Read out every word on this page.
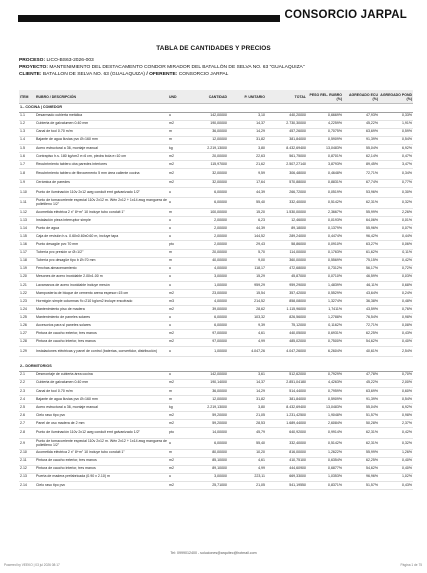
CONSORCIO JARPAL
TABLA DE CANTIDADES Y PRECIOS
PROCESO: LICO-BS63-2026-003
PROYECTO: MANTENIMIENTO DEL DESTACAMENTO CONDOR MIRADOR DEL BATALLÓN DE SELVA NO. 63 "GUALAQUIZA"
CLIENTE: BATALLON DE SELVA NO. 63 (GUALAQUIZA) / OFERENTE: CONSORCIO JARPAL
ITEM	RUBRO / DESCRIPCIÓN	UND	CANTIDAD	P. UNITARIO	TOTAL	PESO REL. RUBRO (%)	AGREGADO ECU (%)	AGREGADO POND (%)
1.- COCINA | COMEDOR								
1.1	Desarmado cubierta metálica	u	142,00000	3,10	440,20000	0,6669%	47,93%	0,33%
1.2	Cubierta de galvalumen 0.40 mm	m2	190,00000	14,37	2.730,30000	4,2259%	45,22%	1,91%
1.3	Canal de tool 0.70 m/m	m	36,00000	14,29	457,26000	0,7075%	63,69%	0,59%
1.4	Bajante de agua lluvias pvc Ø=160 mm	m	12,00000	31,82	381,84000	0,5909%	91,39%	0,54%
1.5	Acero estructural a 36, montaje manual	kg	2.219,13000	3,80	8.432,69400	13,0483%	55,04%	6,92%
1.6	Contrapiso h.s. 180 kg/cm2 e=6 cm, piedra bola e=10 cm	m2	20,00000	22,63	561,75000	0,8701%	62,14%	0,47%
1.7	Recubrimiento tablero oba paredes interiores	m2	115,97000	21,62	2.507,27140	3,8793%	89,45%	3,47%
1.8	Recubrimiento tablero de fibrocemento 5 mm área caliente cocina	m2	32,00000	9,59	306,48000	0,4648%	72,71%	0,34%
1.9	Cerámica de paredes	m2	32,00000	17,64	570,88000	0,8831%	67,74%	0,77%
1.10	Punto de iluminación 110v 2x12 awg conduit emt galvanizado 1/2"	u	6,00000	44,39	266,72000	0,0519%	53,96%	0,30%
1.11	Punto de tomacorriente especial 110v 2x12 m. Wén 2x12 + 1x14 awg manguera de polietileno 1/2"	u	6,00000	55,40	332,40000	0,5142%	62,31%	0,32%
1.12	Acometida eléctrica 2 x" 8+m" 10 incluye tubo conduit 1"	m	100,00000	15,20	1.530,00000	2,3667%	55,99%	2,26%
1.13	Instalación pieza interruptor simple	u	2,00000	6,23	12,46000	0,0193%	64,06%	0,01%
1.14	Punto de agua	u	2,00000	44,39	89,18000	0,1379%	55,96%	0,07%
1.15	Caja de revisión h.s. 0.60x0.60x0.60 m, incluye tapa	u	2,00000	144,52	289,24000	0,4474%	96,42%	0,44%
1.16	Punto desagüe pvc 70 mm	pto	2,00000	29,43	58,86000	0,0910%	63,27%	0,06%
1.17	Tubería pvc presión ur Ø=1/2"	m	20,00000	5,70	114,00000	0,1763%	61,62%	0,11%
1.18	Tubería pvc desagüe tipo b Ø=70 mm	m	40,00000	9,00	360,00000	0,5569%	75,15%	0,42%
1.19	Fenchas almacenamiento	u	4,00000	118,17	472,68000	0,7312%	56,17%	0,72%
1.20	Mesones de acero inoxidable 2.00x1.00 m	u	3,00000	15,29	45,87000	0,0710%	46,59%	0,03%
1.21	Lavamanos de acero inoxidable incluye mesón	u	1,00000	959,29	959,29000	1,4839%	46,11%	0,68%
1.22	Mampostería de bloque de cemento arena espesor=15 cm	m2	23,00000	15,54	357,42000	0,5529%	43,64%	0,24%
1.23	Hormigón simple columnas f'c=210 kg/cm2 incluye encofrado	m3	4,00000	214,52	858,08000	1,3274%	36,38%	0,48%
1.24	Mantenimiento piso de madera	m2	39,00000	28,62	1.115,96000	1,7411%	43,59%	0,76%
1.25	Mantenimiento de paneles solares	u	6,00000	103,32	826,56000	1,2788%	76,54%	0,98%
1.26	Accesorios para sl paneles solares	u	6,00000	9,39	75,12000	0,1162%	72,71%	0,08%
1.27	Pintura de caucho exterior, tres manos	m2	97,00000	4,61	440,05000	0,6931%	62,25%	0,43%
1.28	Pintura de caucho interior, tres manos	m2	97,00000	4,99	485,02000	0,7500%	54,62%	0,40%
1.29	Instalaciones eléctricas y panel de control (baterías, convertidor, distribución)	u	1,00000	4.047,26	4.047,26000	6,2604%	40,61%	2,54%

2.- DORMITORIOS								
2.1	Desmontaje de cubierta área cocina	u	142,00000	3,61	512,62000	0,7929%	47,78%	0,70%
2.2	Cubierta de galvalumen 0.40 mm	m2	190,14000	14,37	2.851,04180	4,4263%	45,22%	2,00%
2.3	Canal de tool 0.70 m/m	m	36,00000	14,29	514,44000	0,7959%	63,69%	0,60%
2.4	Bajante de agua lluvias pvc Ø=160 mm	m	12,00000	31,82	381,84000	0,5909%	91,39%	0,54%
2.5	Acero estructural a 36, montaje manual	kg	2.219,13000	3,80	8.432,69400	13,0483%	55,04%	6,92%
2.6	Cielo raso tipo pvc	m2	59,20000	21,05	1.231,42500	1,9048%	51,57%	0,98%
2.7	Panel de oso madera de 2 mm	m2	59,20000	28,53	1.689,44000	2,6084%	50,28%	2,37%
2.8	Punto de iluminación 110v 2x12 awg conduit emt galvanizado 1/2"	pto	14,00000	45,79	640,92000	0,9914%	62,31%	0,42%
2.9	Punto de tomacorriente especial 110v 2x12 m. Wén 2x12 + 1x14 awg manguera de polietileno 1/2"	u	6,00000	55,40	332,40000	0,5142%	62,31%	0,32%
2.10	Acometida eléctrica 2 x" 8+m" 10 incluye tubo conduit 1"	m	80,00000	10,20	816,00000	1,2622%	55,99%	1,26%
2.11	Pintura de caucho exterior, tres manos	m2	85,10000	4,61	410,75100	0,6354%	62,25%	0,40%
2.12	Pintura de caucho interior, tres manos	m2	89,10000	4,99	444,60900	0,6877%	54,62%	0,40%
2.13	Puerta de madera prefabricada (0.90 x 2.10) m	u	3,00000	223,11	669,33000	1,0353%	96,96%	1,02%
2.14	Cielo raso tipo pvc	m2	25,71000	21,05	541,19550	0,8371%	51,57%	0,43%
Tel: 0999012400 - soluciones@arquitec@hotmail.com
Powered by VEEKO | 03 jul 2026 08:17	Página 1 de 75
